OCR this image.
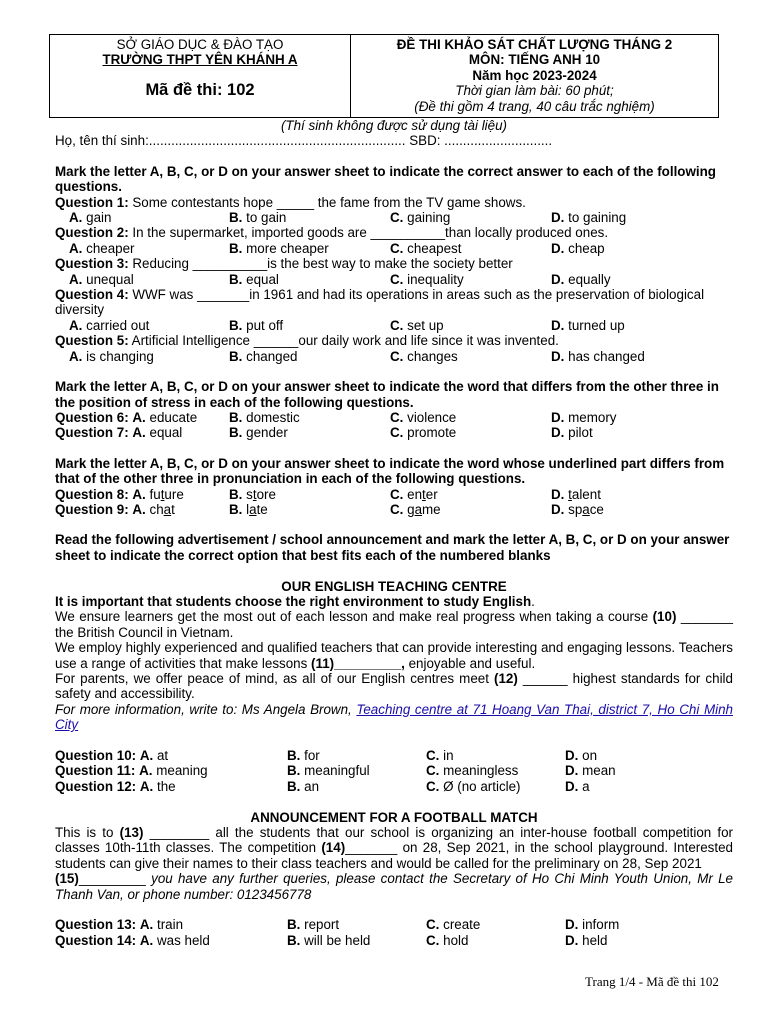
SỞ GIÁO DỤC & ĐÀO TẠO
TRƯỜNG THPT YÊN KHÁNH A
Mã đề thi: 102
ĐỀ THI KHẢO SÁT CHẤT LƯỢNG THÁNG 2
MÔN: TIẾNG ANH 10
Năm học 2023-2024
Thời gian làm bài: 60 phút;
(Đề thi gồm 4 trang, 40 câu trắc nghiệm)
(Thí sinh không được sử dụng tài liệu)
Họ, tên thí sinh:..................................................................... SBD: .............................
Mark the letter A, B, C, or D on your answer sheet to indicate the correct answer to each of the following questions.
Question 1: Some contestants hope _____ the fame from the TV game shows.
A. gain	B. to gain	C. gaining	D. to gaining
Question 2: In the supermarket, imported goods are __________than locally produced ones.
A. cheaper	B. more cheaper	C. cheapest	D. cheap
Question 3: Reducing __________is the best way to make the society better
A. unequal	B. equal	C. inequality	D. equally
Question 4: WWF was _______in 1961 and had its operations in areas such as the preservation of biological diversity
A. carried out	B. put off	C. set up	D. turned up
Question 5: Artificial Intelligence ______our daily work and life since it was invented.
A. is changing	B. changed	C. changes	D. has changed
Mark the letter A, B, C, or D on your answer sheet to indicate the word that differs from the other three in the position of stress in each of the following questions.
Question 6: A. educate	B. domestic	C. violence	D. memory
Question 7: A. equal	B. gender	C. promote	D. pilot
Mark the letter A, B, C, or D on your answer sheet to indicate the word whose underlined part differs from that of the other three in pronunciation in each of the following questions.
Question 8: A. future	B. store	C. enter	D. talent
Question 9: A. chat	B. late	C. game	D. space
Read the following advertisement / school announcement and mark the letter A, B, C, or D on your answer sheet to indicate the correct option that best fits each of the numbered blanks
OUR ENGLISH TEACHING CENTRE
It is important that students choose the right environment to study English.
We ensure learners get the most out of each lesson and make real progress when taking a course (10) _______ the British Council in Vietnam.
We employ highly experienced and qualified teachers that can provide interesting and engaging lessons. Teachers use a range of activities that make lessons (11)_________, enjoyable and useful.
For parents, we offer peace of mind, as all of our English centres meet (12) ______ highest standards for child safety and accessibility.
For more information, write to: Ms Angela Brown, Teaching centre at 71 Hoang Van Thai, district 7, Ho Chi Minh City
Question 10: A. at	B. for	C. in	D. on
Question 11: A. meaning	B. meaningful	C. meaningless	D. mean
Question 12: A. the	B. an	C. Ø (no article)	D. a
ANNOUNCEMENT FOR A FOOTBALL MATCH
This is to (13) ________ all the students that our school is organizing an inter-house football competition for classes 10th-11th classes. The competition (14)_______ on 28, Sep 2021, in the school playground. Interested students can give their names to their class teachers and would be called for the preliminary on 28, Sep 2021
(15)_________ you have any further queries, please contact the Secretary of Ho Chi Minh Youth Union, Mr Le Thanh Van, or phone number: 0123456778
Question 13: A. train	B. report	C. create	D. inform
Question 14: A. was held	B. will be held	C. hold	D. held
Trang 1/4 - Mã đề thi 102
